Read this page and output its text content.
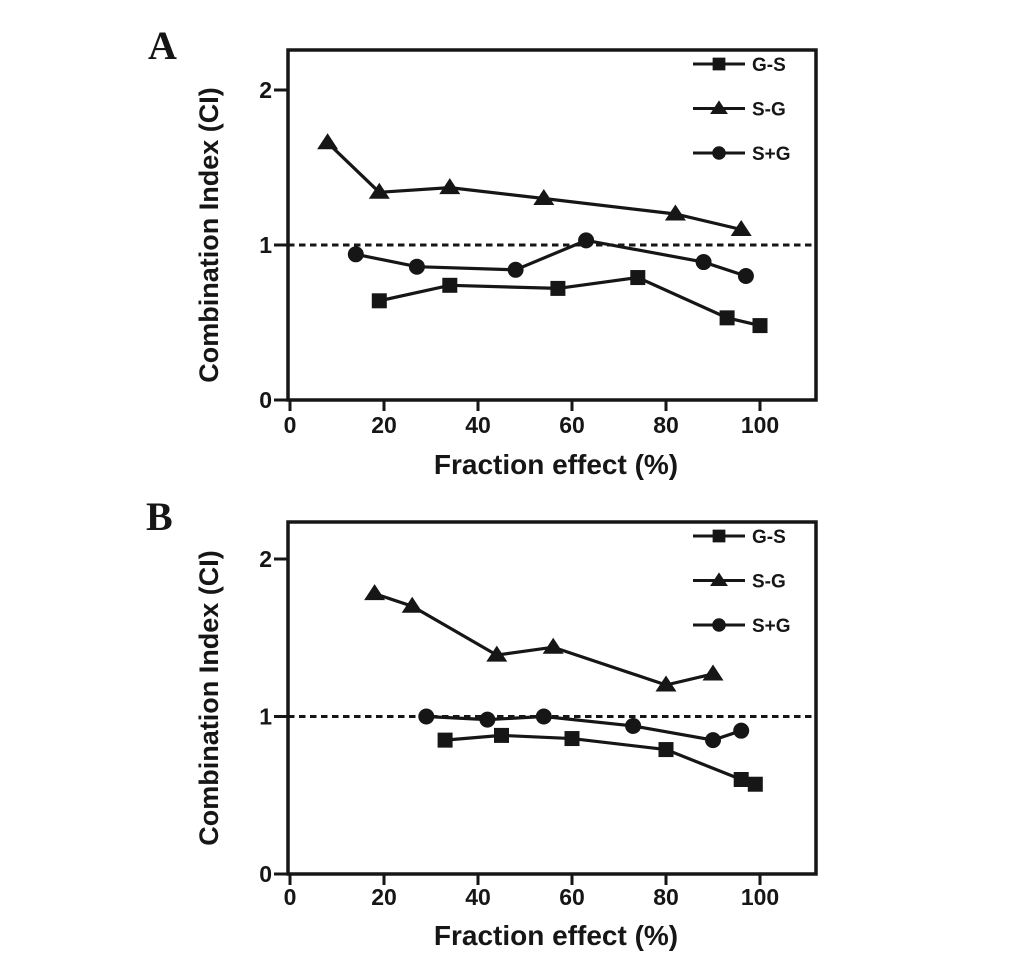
A
B
0	20	40	60	80	100
0
1
2
Fraction effect (%)
Combination Index (CI)
G-S
S-G
S+G
0	20	40	60	80	100
0
1
2
Fraction effect (%)
Combination Index (CI)
G-S
S-G
S+G
